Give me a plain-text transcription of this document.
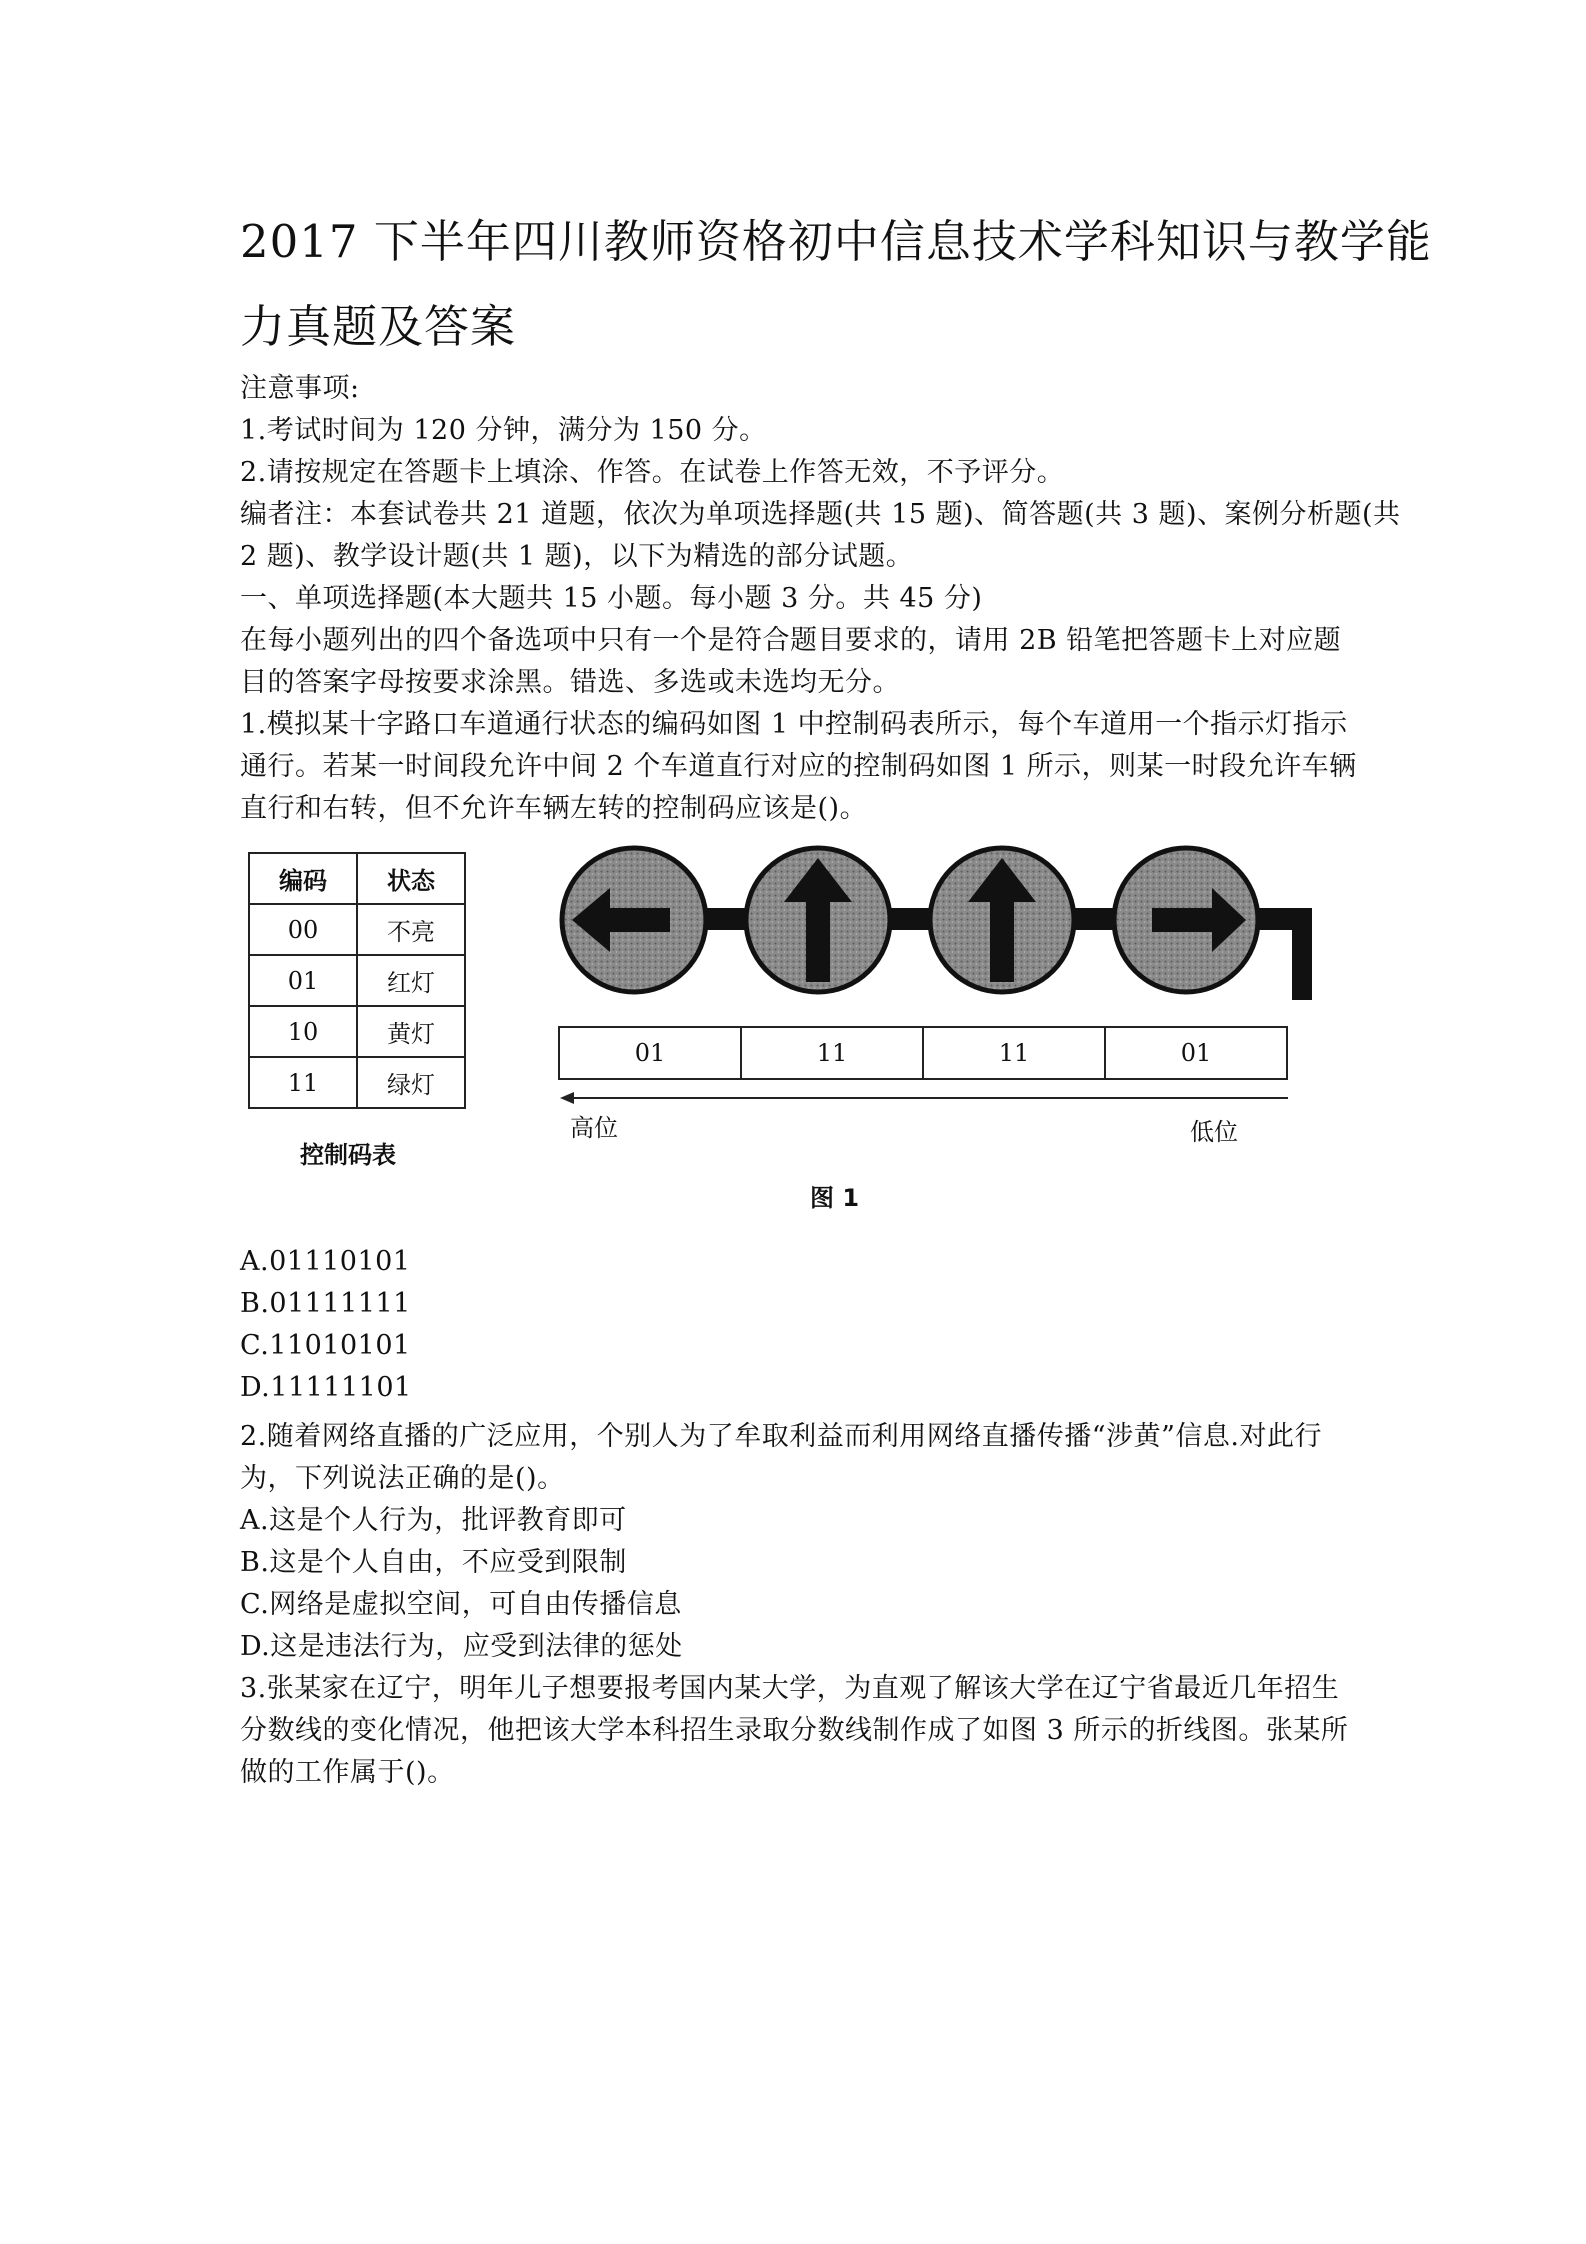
2017 下半年四川教师资格初中信息技术学科知识与教学能
力真题及答案
注意事项:
1.考试时间为 120 分钟，满分为 150 分。
2.请按规定在答题卡上填涂、作答。在试卷上作答无效，不予评分。
编者注：本套试卷共 21 道题，依次为单项选择题(共 15 题)、简答题(共 3 题)、案例分析题(共
2 题)、教学设计题(共 1 题)，以下为精选的部分试题。
一、单项选择题(本大题共 15 小题。每小题 3 分。共 45 分)
在每小题列出的四个备选项中只有一个是符合题目要求的，请用 2B 铅笔把答题卡上对应题
目的答案字母按要求涂黑。错选、多选或未选均无分。
1.模拟某十字路口车道通行状态的编码如图 1 中控制码表所示，每个车道用一个指示灯指示
通行。若某一时间段允许中间 2 个车道直行对应的控制码如图 1 所示，则某一时段允许车辆
直行和右转，但不允许车辆左转的控制码应该是()。
编码	状态
00	不亮
01	红灯
10	黄灯
11	绿灯
控制码表
01	11	11	01
高位	低位
图 1
A.01110101
B.01111111
C.11010101
D.11111101
2.随着网络直播的广泛应用，个别人为了牟取利益而利用网络直播传播“涉黄”信息.对此行
为，下列说法正确的是()。
A.这是个人行为，批评教育即可
B.这是个人自由，不应受到限制
C.网络是虚拟空间，可自由传播信息
D.这是违法行为，应受到法律的惩处
3.张某家在辽宁，明年儿子想要报考国内某大学，为直观了解该大学在辽宁省最近几年招生
分数线的变化情况，他把该大学本科招生录取分数线制作成了如图 3 所示的折线图。张某所
做的工作属于()。
